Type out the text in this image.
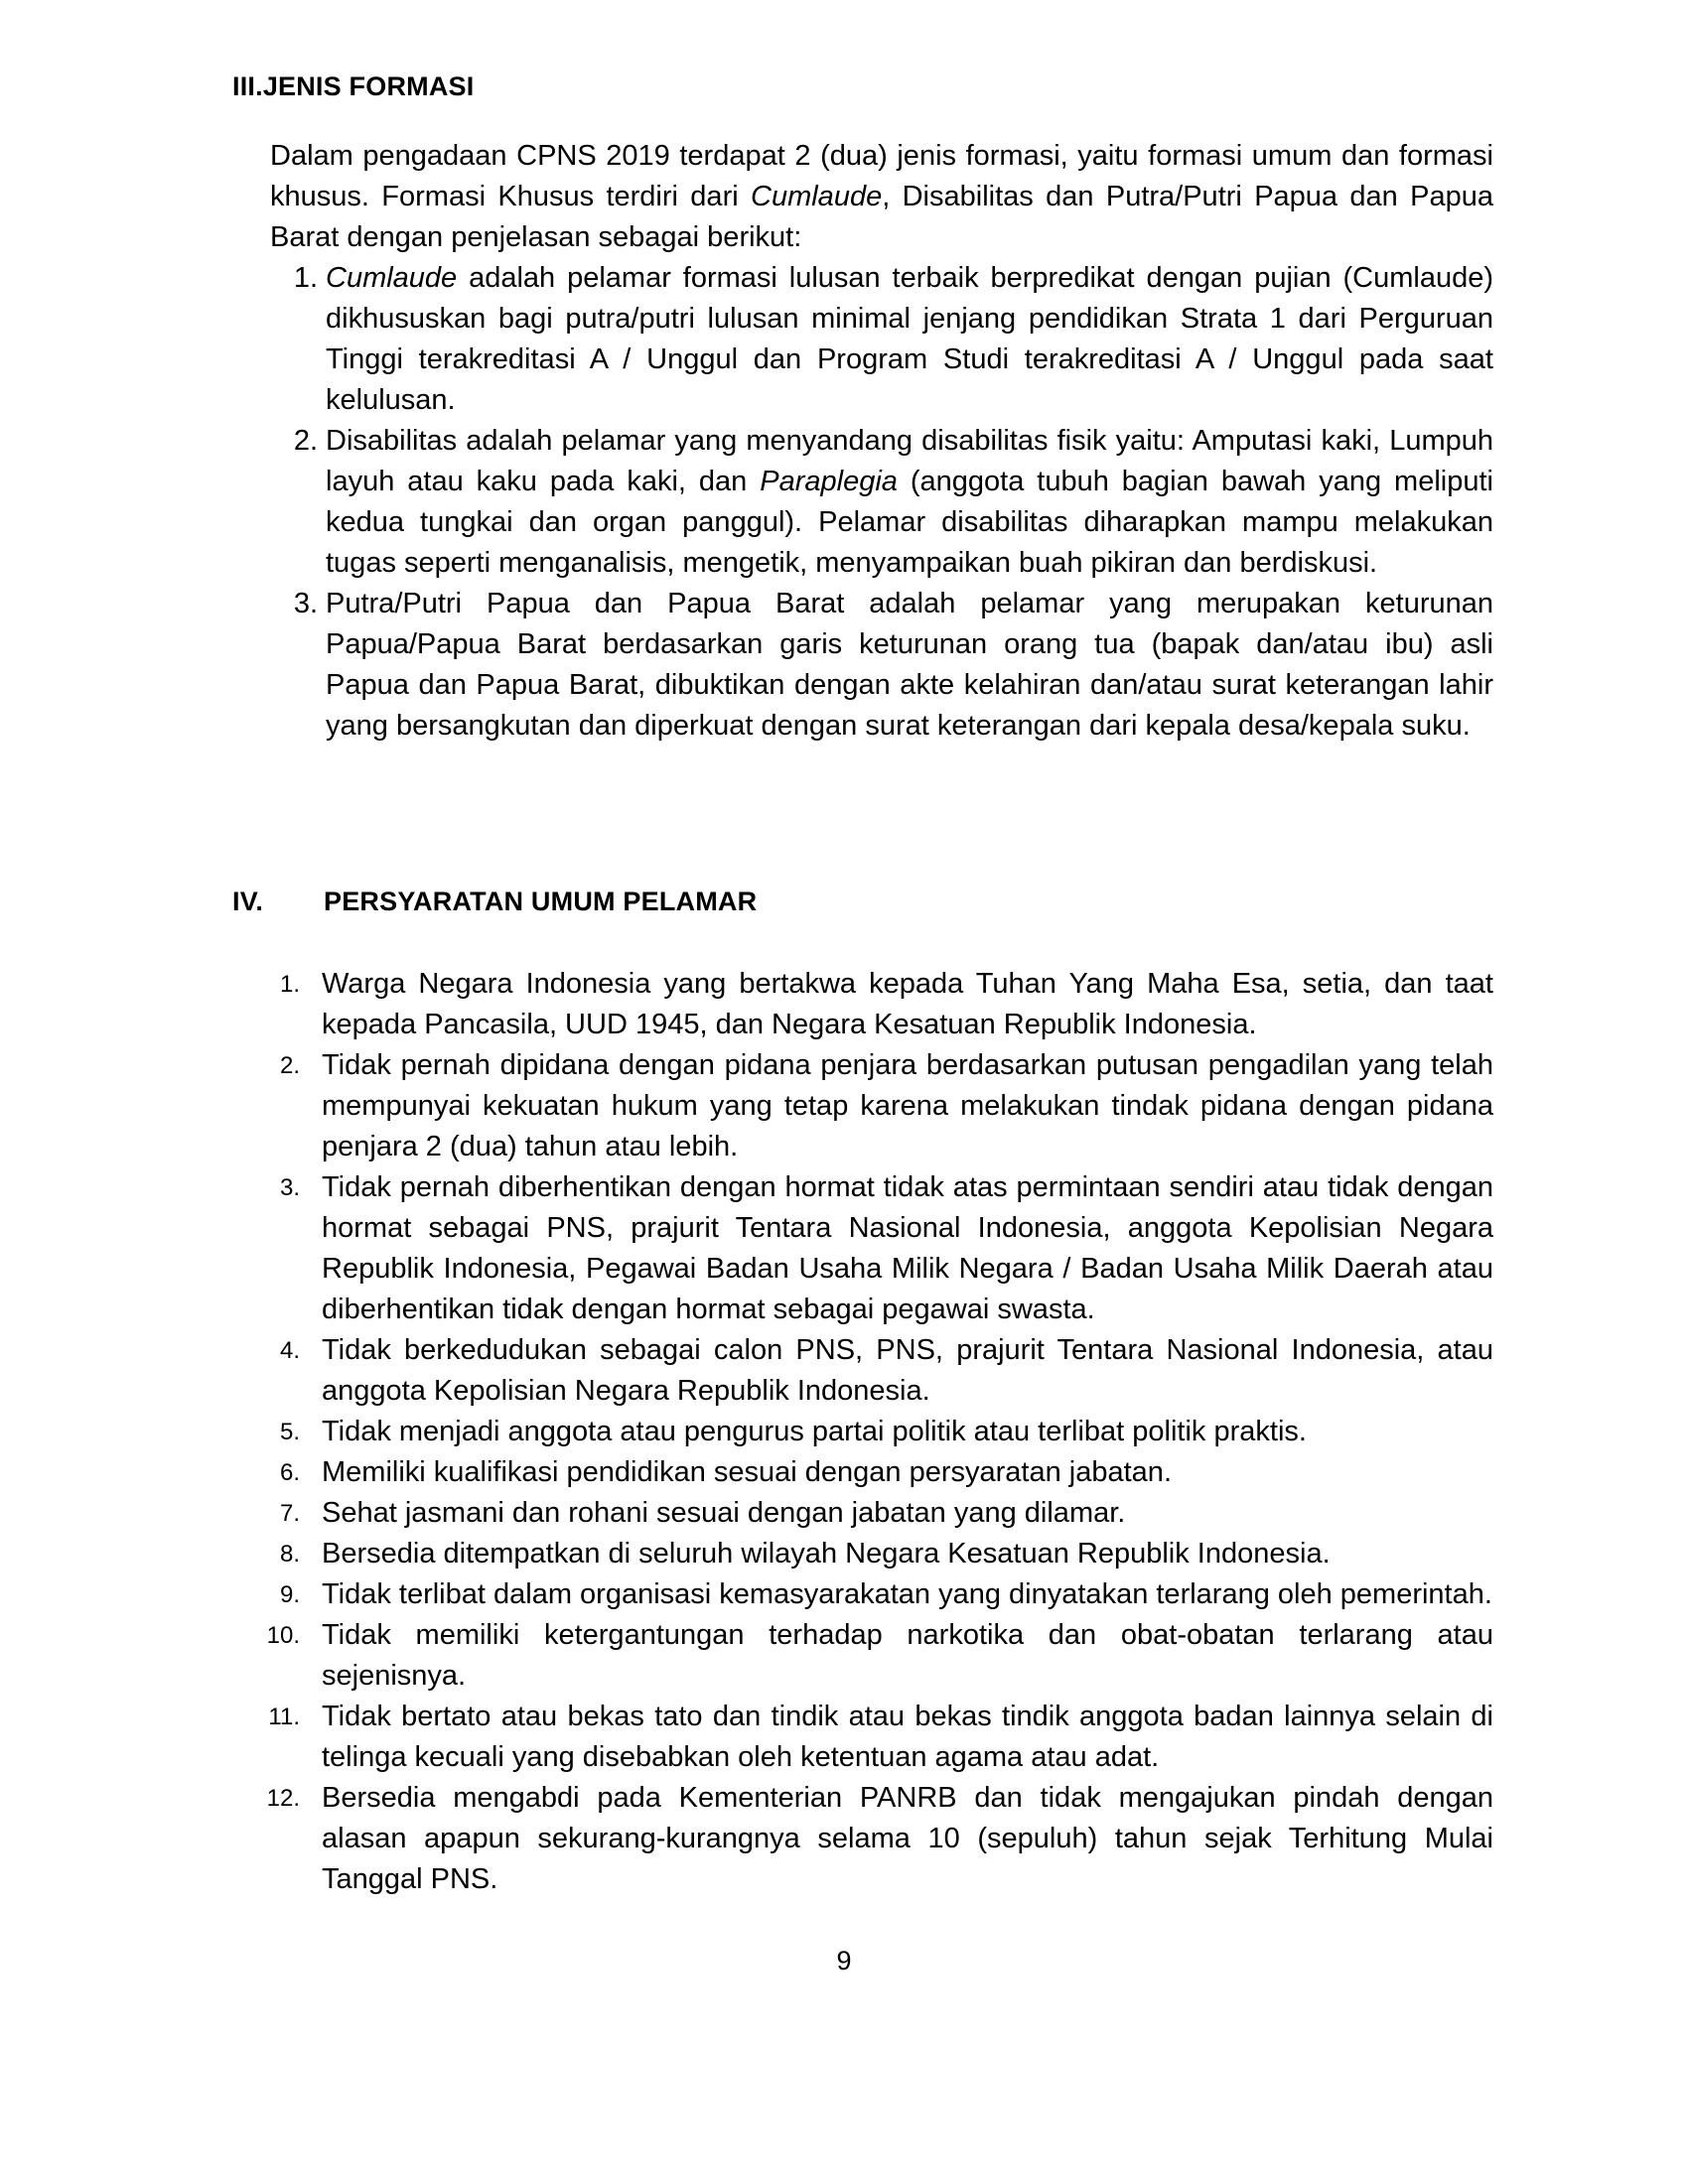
III.JENIS FORMASI

Dalam pengadaan CPNS 2019 terdapat 2 (dua) jenis formasi, yaitu formasi umum dan formasi khusus. Formasi Khusus terdiri dari Cumlaude, Disabilitas dan Putra/Putri Papua dan Papua Barat dengan penjelasan sebagai berikut:

1. Cumlaude adalah pelamar formasi lulusan terbaik berpredikat dengan pujian (Cumlaude) dikhususkan bagi putra/putri lulusan minimal jenjang pendidikan Strata 1 dari Perguruan Tinggi terakreditasi A / Unggul dan Program Studi terakreditasi A / Unggul pada saat kelulusan.
2. Disabilitas adalah pelamar yang menyandang disabilitas fisik yaitu: Amputasi kaki, Lumpuh layuh atau kaku pada kaki, dan Paraplegia (anggota tubuh bagian bawah yang meliputi kedua tungkai dan organ panggul). Pelamar disabilitas diharapkan mampu melakukan tugas seperti menganalisis, mengetik, menyampaikan buah pikiran dan berdiskusi.
3. Putra/Putri Papua dan Papua Barat adalah pelamar yang merupakan keturunan Papua/Papua Barat berdasarkan garis keturunan orang tua (bapak dan/atau ibu) asli Papua dan Papua Barat, dibuktikan dengan akte kelahiran dan/atau surat keterangan lahir yang bersangkutan dan diperkuat dengan surat keterangan dari kepala desa/kepala suku.
IV. PERSYARATAN UMUM PELAMAR
1. Warga Negara Indonesia yang bertakwa kepada Tuhan Yang Maha Esa, setia, dan taat kepada Pancasila, UUD 1945, dan Negara Kesatuan Republik Indonesia.
2. Tidak pernah dipidana dengan pidana penjara berdasarkan putusan pengadilan yang telah mempunyai kekuatan hukum yang tetap karena melakukan tindak pidana dengan pidana penjara 2 (dua) tahun atau lebih.
3. Tidak pernah diberhentikan dengan hormat tidak atas permintaan sendiri atau tidak dengan hormat sebagai PNS, prajurit Tentara Nasional Indonesia, anggota Kepolisian Negara Republik Indonesia, Pegawai Badan Usaha Milik Negara / Badan Usaha Milik Daerah atau diberhentikan tidak dengan hormat sebagai pegawai swasta.
4. Tidak berkedudukan sebagai calon PNS, PNS, prajurit Tentara Nasional Indonesia, atau anggota Kepolisian Negara Republik Indonesia.
5. Tidak menjadi anggota atau pengurus partai politik atau terlibat politik praktis.
6. Memiliki kualifikasi pendidikan sesuai dengan persyaratan jabatan.
7. Sehat jasmani dan rohani sesuai dengan jabatan yang dilamar.
8. Bersedia ditempatkan di seluruh wilayah Negara Kesatuan Republik Indonesia.
9. Tidak terlibat dalam organisasi kemasyarakatan yang dinyatakan terlarang oleh pemerintah.
10. Tidak memiliki ketergantungan terhadap narkotika dan obat-obatan terlarang atau sejenisnya.
11. Tidak bertato atau bekas tato dan tindik atau bekas tindik anggota badan lainnya selain di telinga kecuali yang disebabkan oleh ketentuan agama atau adat.
12. Bersedia mengabdi pada Kementerian PANRB dan tidak mengajukan pindah dengan alasan apapun sekurang-kurangnya selama 10 (sepuluh) tahun sejak Terhitung Mulai Tanggal PNS.
9
